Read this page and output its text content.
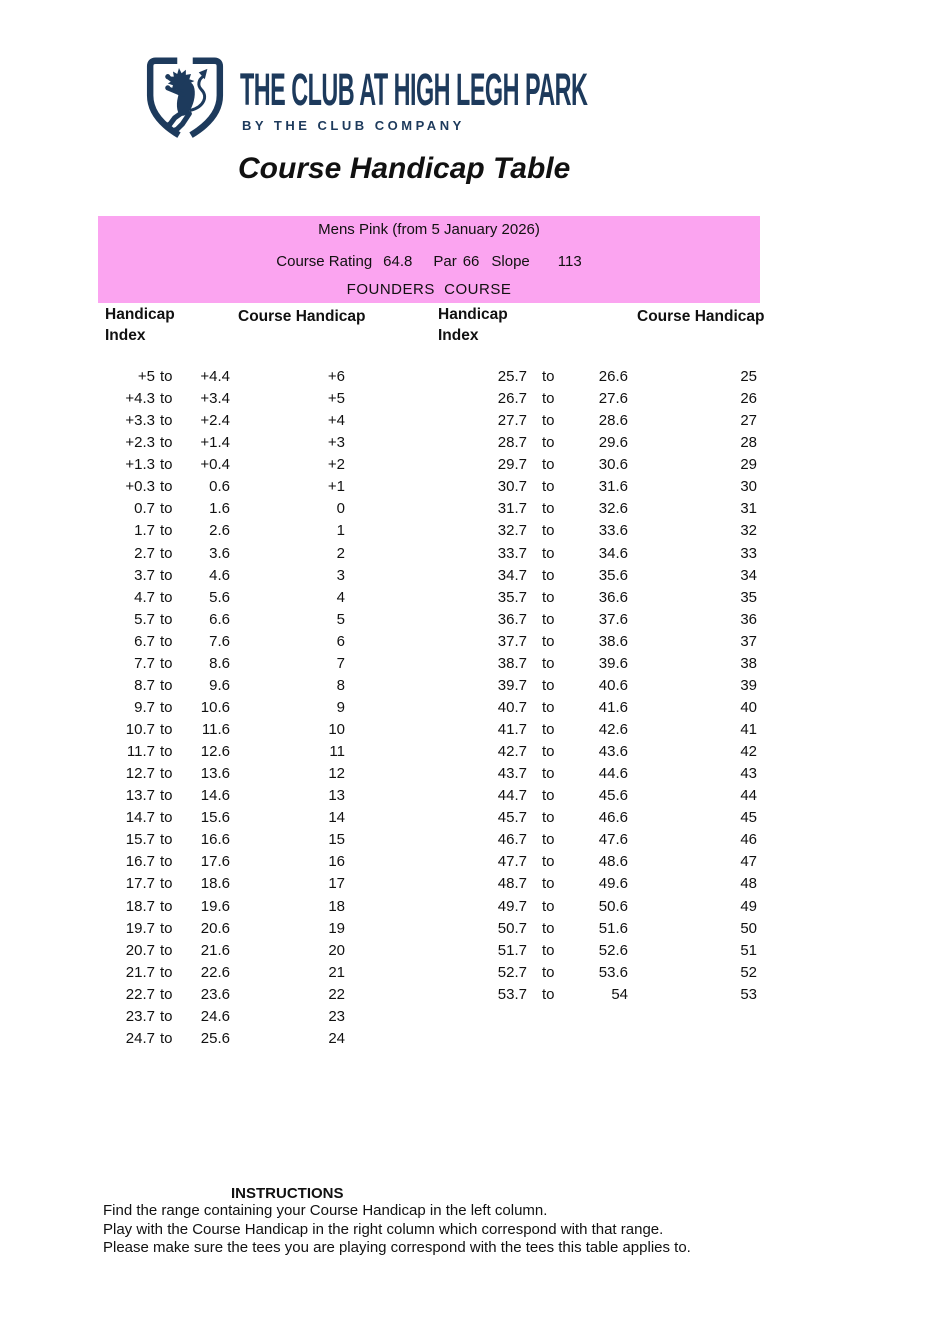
THE CLUB AT HIGH LEGH PARK
BY THE CLUB COMPANY
Course Handicap Table
Mens Pink (from 5 January 2026)
Course Rating 64.8 Par 66 Slope 113
FOUNDERS  COURSE
Handicap
Index
Course Handicap	Handicap
Index
Course Handicap
+5 to	+4.4	+6
+4.3 to	+3.4	+5
+3.3 to	+2.4	+4
+2.3 to	+1.4	+3
+1.3 to	+0.4	+2
+0.3 to	0.6	+1
0.7 to	1.6	0
1.7 to	2.6	1
2.7 to	3.6	2
3.7 to	4.6	3
4.7 to	5.6	4
5.7 to	6.6	5
6.7 to	7.6	6
7.7 to	8.6	7
8.7 to	9.6	8
9.7 to	10.6	9
10.7 to	11.6	10
11.7 to	12.6	11
12.7 to	13.6	12
13.7 to	14.6	13
14.7 to	15.6	14
15.7 to	16.6	15
16.7 to	17.6	16
17.7 to	18.6	17
18.7 to	19.6	18
19.7 to	20.6	19
20.7 to	21.6	20
21.7 to	22.6	21
22.7 to	23.6	22
23.7 to	24.6	23
24.7 to	25.6	24
25.7 to	26.6	25
26.7 to	27.6	26
27.7 to	28.6	27
28.7 to	29.6	28
29.7 to	30.6	29
30.7 to	31.6	30
31.7 to	32.6	31
32.7 to	33.6	32
33.7 to	34.6	33
34.7 to	35.6	34
35.7 to	36.6	35
36.7 to	37.6	36
37.7 to	38.6	37
38.7 to	39.6	38
39.7 to	40.6	39
40.7 to	41.6	40
41.7 to	42.6	41
42.7 to	43.6	42
43.7 to	44.6	43
44.7 to	45.6	44
45.7 to	46.6	45
46.7 to	47.6	46
47.7 to	48.6	47
48.7 to	49.6	48
49.7 to	50.6	49
50.7 to	51.6	50
51.7 to	52.6	51
52.7 to	53.6	52
53.7 to	54	53
INSTRUCTIONS
Find the range containing your Course Handicap in the left column.
Play with the Course Handicap in the right column which correspond with that range.
Please make sure the tees you are playing correspond with the tees this table applies to.
